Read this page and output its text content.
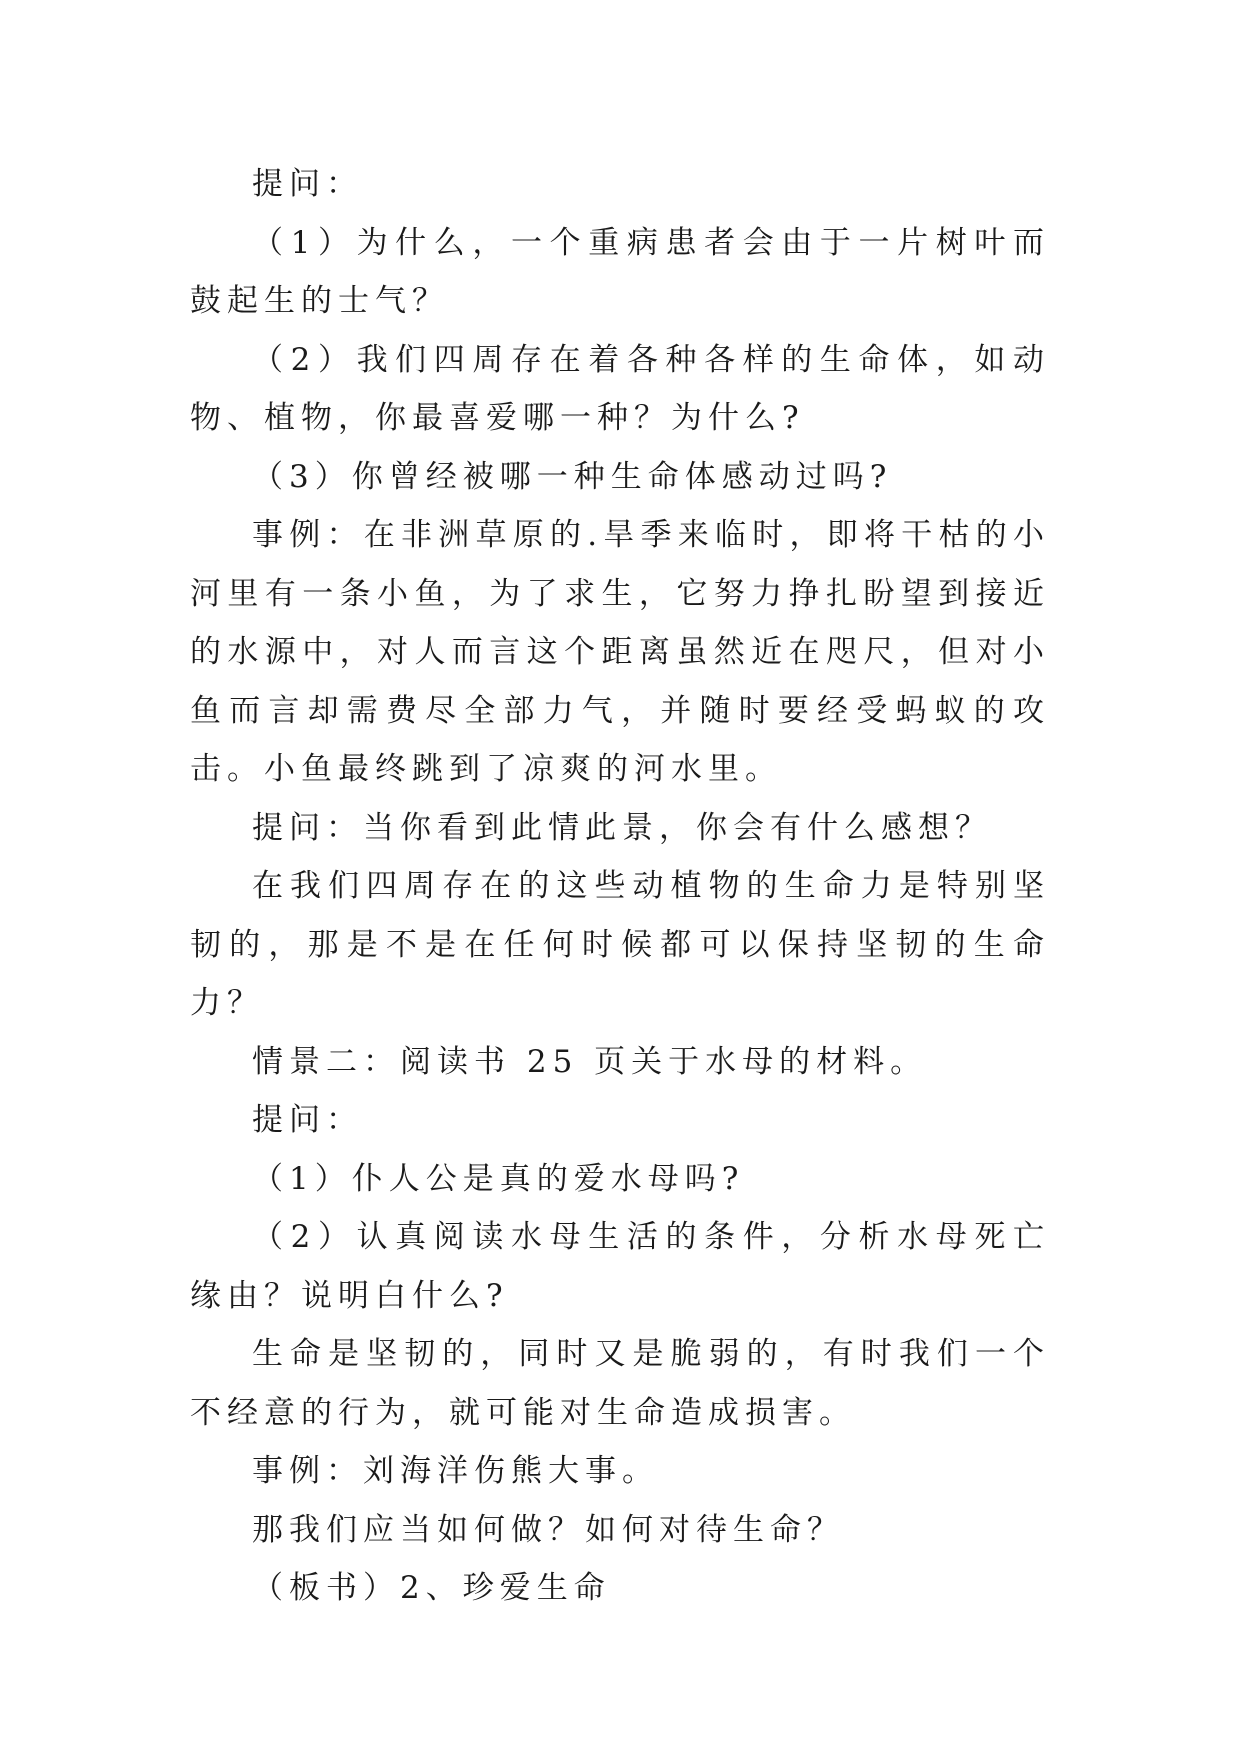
提问：

（1）为什么，一个重病患者会由于一片树叶而鼓起生的士气？

（2）我们四周存在着各种各样的生命体，如动物、植物，你最喜爱哪一种？为什么?

（3）你曾经被哪一种生命体感动过吗?

事例：在非洲草原的.旱季来临时，即将干枯的小河里有一条小鱼，为了求生，它努力挣扎盼望到接近的水源中，对人而言这个距离虽然近在咫尺，但对小鱼而言却需费尽全部力气，并随时要经受蚂蚁的攻击。小鱼最终跳到了凉爽的河水里。

提问：当你看到此情此景，你会有什么感想？

在我们四周存在的这些动植物的生命力是特别坚韧的，那是不是在任何时候都可以保持坚韧的生命力？

情景二：阅读书 25 页关于水母的材料。

提问：

（1）仆人公是真的爱水母吗?

（2）认真阅读水母生活的条件，分析水母死亡缘由？说明白什么?

生命是坚韧的，同时又是脆弱的，有时我们一个不经意的行为，就可能对生命造成损害。

事例：刘海洋伤熊大事。

那我们应当如何做？如何对待生命？

（板书）2、珍爱生命
